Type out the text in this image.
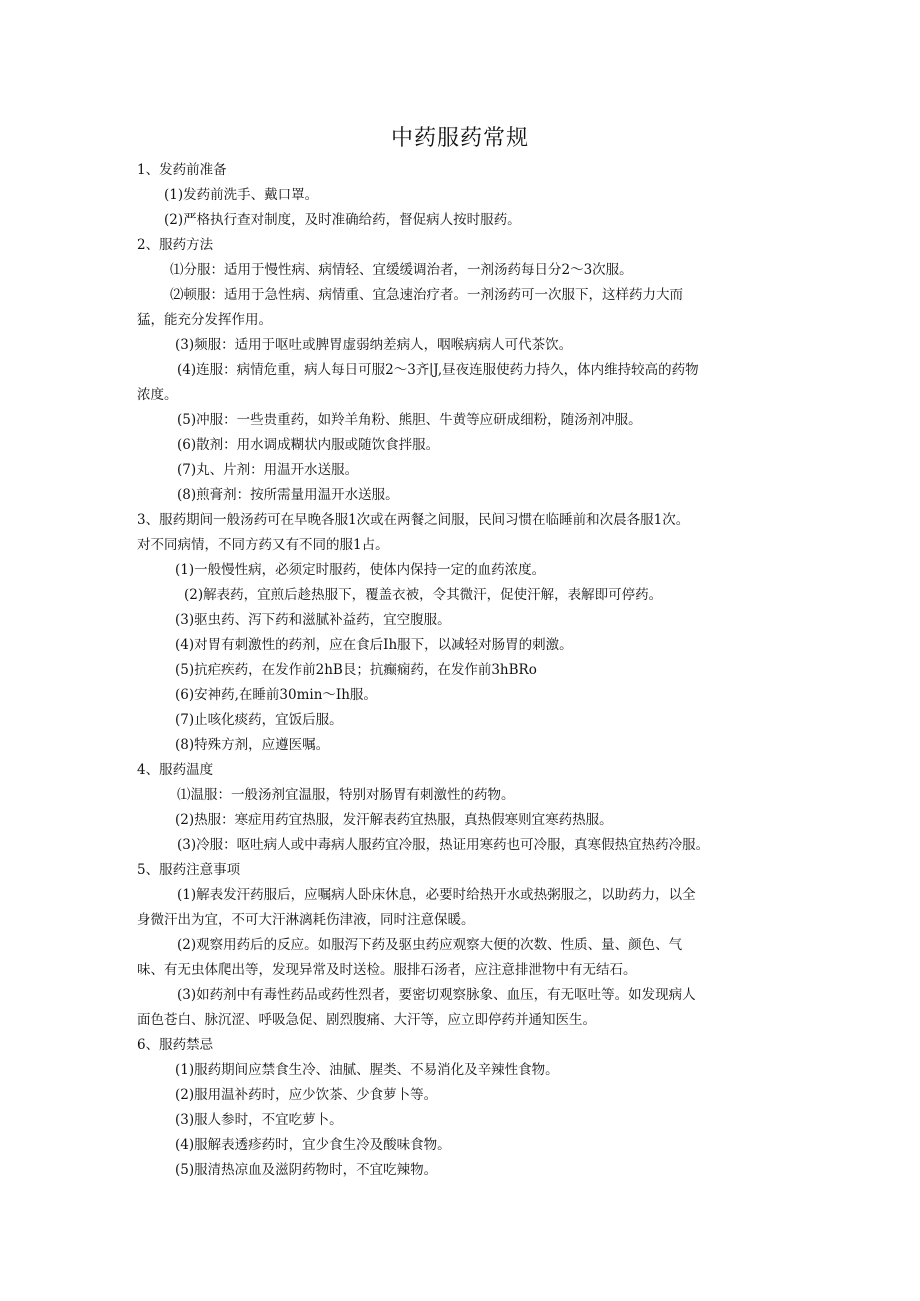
中药服药常规
1、发药前准备
(1)发药前洗手、戴口罩。
(2)严格执行查对制度，及时准确给药，督促病人按时服药。
2、服药方法
⑴分服：适用于慢性病、病情轻、宜缓缓调治者，一剂汤药每日分2〜3次服。
⑵顿服：适用于急性病、病情重、宜急速治疗者。一剂汤药可一次服下，这样药力大而
猛，能充分发挥作用。
(3)频服：适用于呕吐或脾胃虚弱纳差病人，咽喉病病人可代茶饮。
(4)连服：病情危重，病人每日可服2〜3齐∣J,昼夜连服使药力持久，体内维持较高的药物
浓度。
(5)冲服：一些贵重药，如羚羊角粉、熊胆、牛黄等应研成细粉，随汤剂冲服。
(6)散剂：用水调成糊状内服或随饮食拌服。
(7)丸、片剂：用温开水送服。
(8)煎膏剂：按所需量用温开水送服。
3、服药期间一般汤药可在早晚各服1次或在两餐之间服，民间习惯在临睡前和次晨各服1次。
对不同病情，不同方药又有不同的服1占。
(1)一般慢性病，必须定时服药，使体内保持一定的血药浓度。
(2)解表药，宜煎后趁热服下，覆盖衣被，令其微汗，促使汗解，表解即可停药。
(3)驱虫药、泻下药和滋腻补益药，宜空腹服。
(4)对胃有刺激性的药剂，应在食后Ih服下，以减轻对肠胃的刺激。
(5)抗疟疾药，在发作前2hB艮；抗癫痫药，在发作前3hBRo
(6)安神药,在睡前30min〜Ih服。
(7)止咳化痰药，宜饭后服。
(8)特殊方剂，应遵医嘱。
4、服药温度
⑴温服：一般汤剂宜温服，特别对肠胃有刺激性的药物。
(2)热服：寒症用药宜热服，发汗解表药宜热服，真热假寒则宜寒药热服。
(3)冷服：呕吐病人或中毒病人服药宜冷服，热证用寒药也可冷服，真寒假热宜热药冷服。
5、服药注意事项
(1)解表发汗药服后，应嘱病人卧床休息，必要时给热开水或热粥服之，以助药力，以全
身微汗出为宜，不可大汗淋漓耗伤津液，同时注意保暖。
(2)观察用药后的反应。如服泻下药及驱虫药应观察大便的次数、性质、量、颜色、气
味、有无虫体爬出等，发现异常及时送检。服排石汤者，应注意排泄物中有无结石。
(3)如药剂中有毒性药品或药性烈者，要密切观察脉象、血压，有无呕吐等。如发现病人
面色苍白、脉沉涩、呼吸急促、剧烈腹痛、大汗等，应立即停药并通知医生。
6、服药禁忌
(1)服药期间应禁食生冷、油腻、腥类、不易消化及辛辣性食物。
(2)服用温补药时，应少饮茶、少食萝卜等。
(3)服人参时，不宜吃萝卜。
(4)服解表透疹药时，宜少食生冷及酸味食物。
(5)服清热凉血及滋阴药物时，不宜吃辣物。
